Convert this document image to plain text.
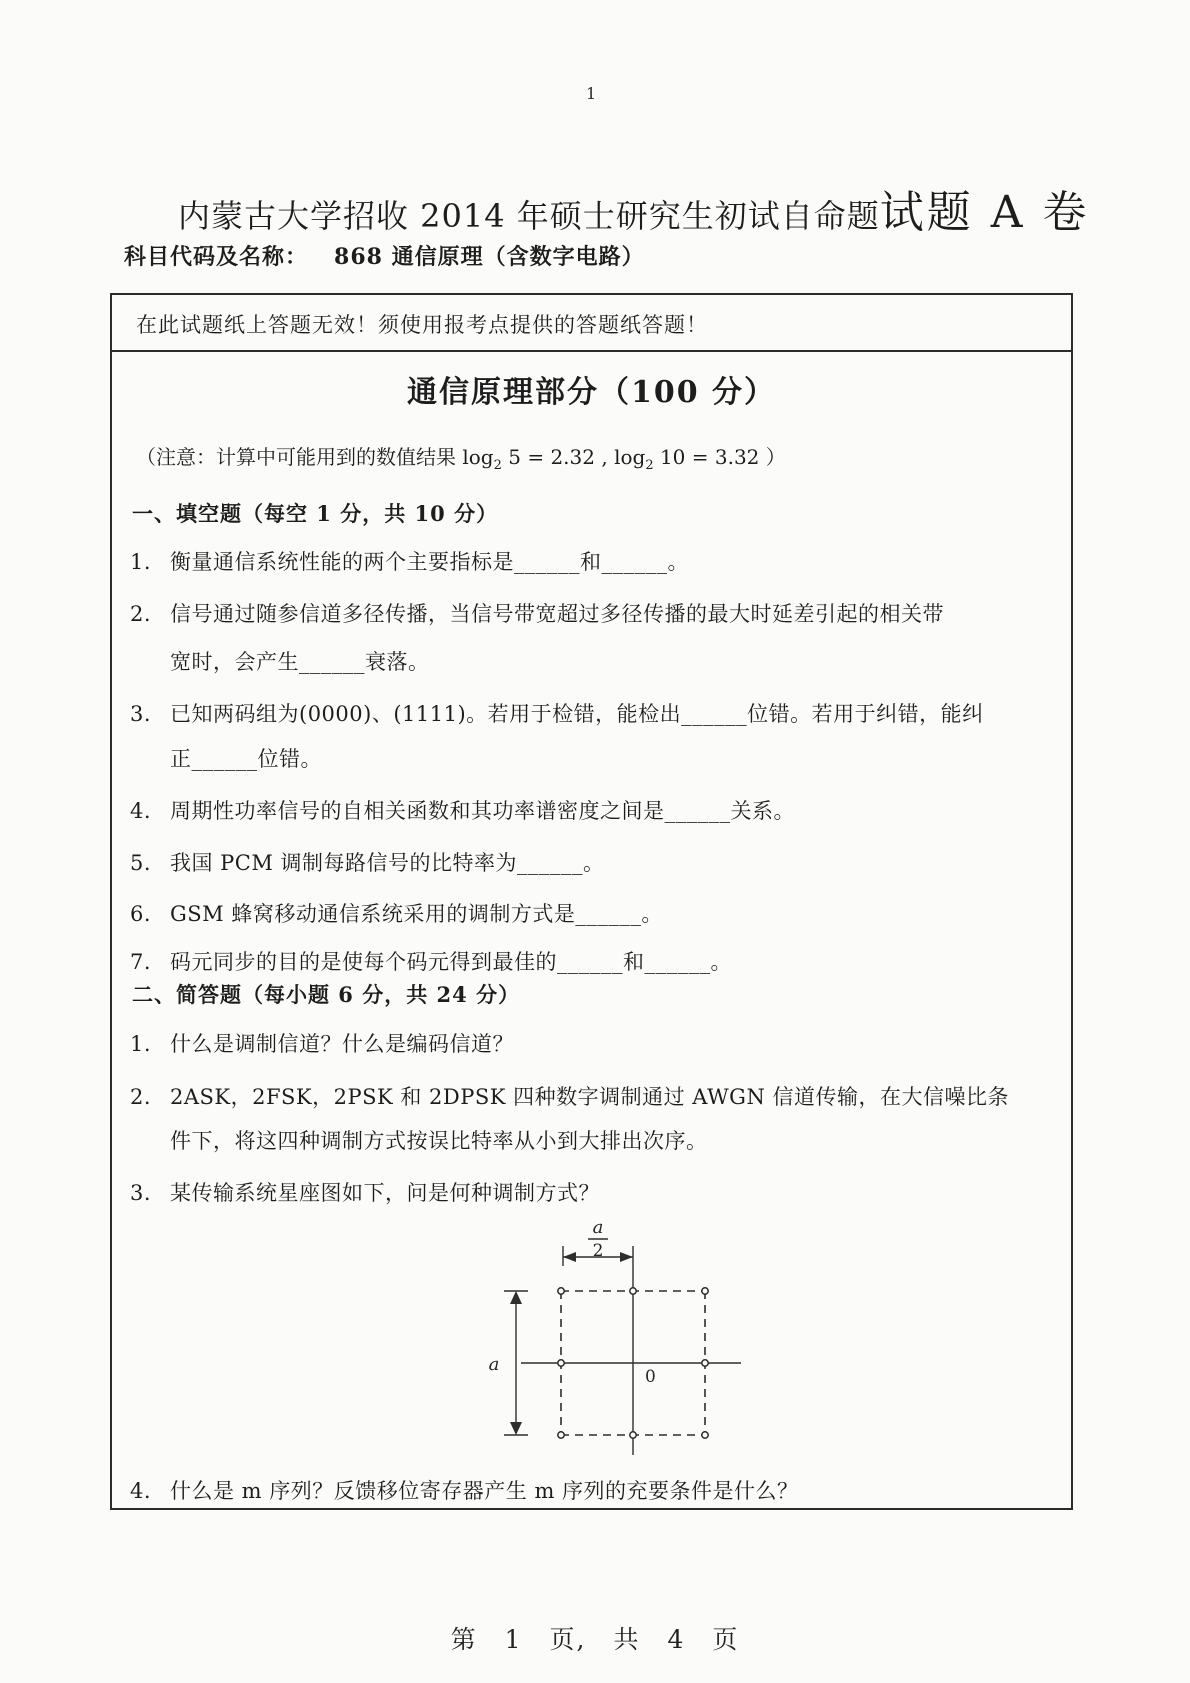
1
内蒙古大学招收 2014 年硕士研究生初试自命题试题 A 卷
科目代码及名称： 868 通信原理（含数字电路）
在此试题纸上答题无效！须使用报考点提供的答题纸答题！
通信原理部分（100 分）
（注意：计算中可能用到的数值结果 $\log_2 5 = 2.32$ , $\log_2 10 = 3.32$ ）
一、填空题（每空 1 分，共 10 分）
1. 衡量通信系统性能的两个主要指标是______和______。
2. 信号通过随参信道多径传播，当信号带宽超过多径传播的最大时延差引起的相关带
宽时，会产生______衰落。
3. 已知两码组为(0000)、(1111)。若用于检错，能检出______位错。若用于纠错，能纠
正______位错。
4. 周期性功率信号的自相关函数和其功率谱密度之间是______关系。
5. 我国 PCM 调制每路信号的比特率为______。
6. GSM 蜂窝移动通信系统采用的调制方式是______。
7. 码元同步的目的是使每个码元得到最佳的______和______。
二、简答题（每小题 6 分，共 24 分）
1. 什么是调制信道？什么是编码信道？
2. 2ASK，2FSK，2PSK 和 2DPSK 四种数字调制通过 AWGN 信道传输，在大信噪比条
件下，将这四种调制方式按误比特率从小到大排出次序。
3. 某传输系统星座图如下，问是何种调制方式？
a
2
a
0
4. 什么是 m 序列？反馈移位寄存器产生 m 序列的充要条件是什么？
第 1 页, 共 4 页
